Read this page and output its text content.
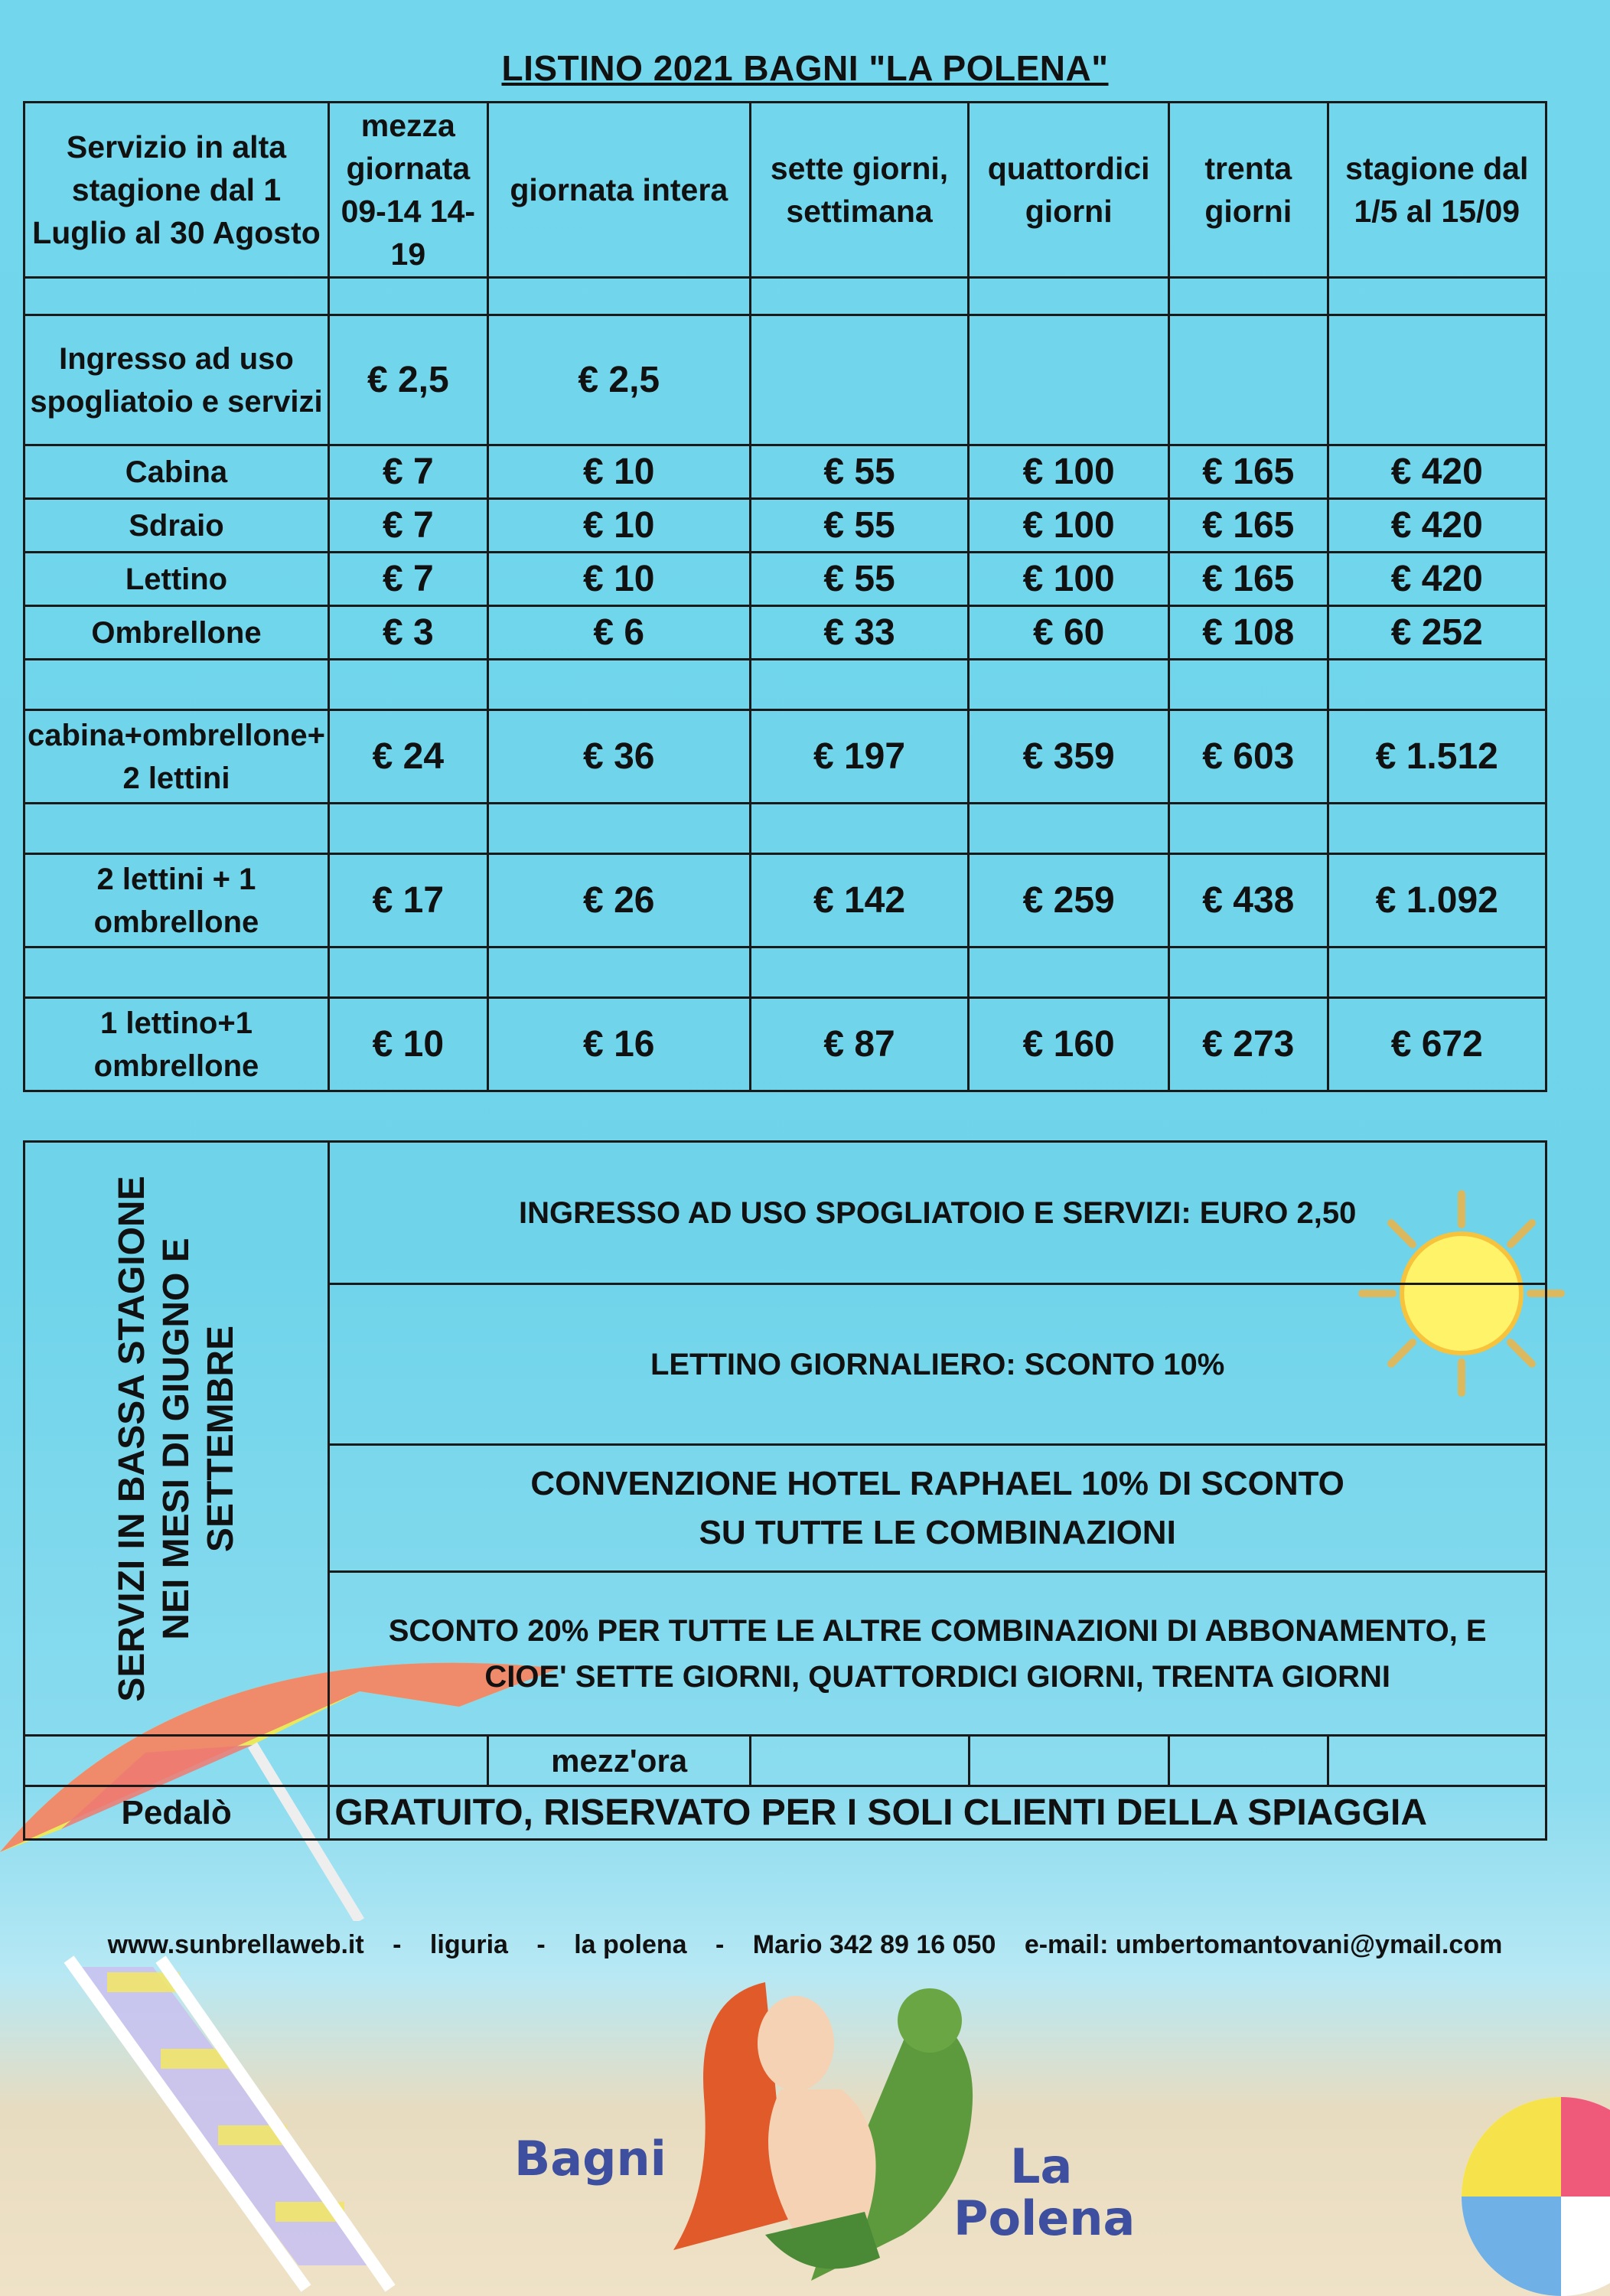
LISTINO 2021 BAGNI "LA POLENA"
Servizio in alta stagione dal 1 Luglio al 30 Agosto	mezza giornata 09-14 14-19	giornata intera	sette giorni, settimana	quattordici giorni	trenta giorni	stagione dal 1/5 al 15/09

Ingresso ad uso spogliatoio e servizi	€ 2,5	€ 2,5				
Cabina	€ 7	€ 10	€ 55	€ 100	€ 165	€ 420
Sdraio	€ 7	€ 10	€ 55	€ 100	€ 165	€ 420
Lettino	€ 7	€ 10	€ 55	€ 100	€ 165	€ 420
Ombrellone	€ 3	€ 6	€ 33	€ 60	€ 108	€ 252

cabina+ombrellone+ 2 lettini	€ 24	€ 36	€ 197	€ 359	€ 603	€ 1.512

2 lettini + 1 ombrellone	€ 17	€ 26	€ 142	€ 259	€ 438	€ 1.092

1 lettino+1 ombrellone	€ 10	€ 16	€ 87	€ 160	€ 273	€ 672
SERVIZI IN BASSA STAGIONE NEI MESI DI GIUGNO E SETTEMBRE	INGRESSO AD USO SPOGLIATOIO E SERVIZI: EURO 2,50					
	LETTINO GIORNALIERO: SCONTO 10%					

	CONVENZIONE HOTEL RAPHAEL 10% DI SCONTO
SU TUTTE LE COMBINAZIONI					

	SCONTO 20% PER TUTTE LE ALTRE COMBINAZIONI DI ABBONAMENTO, E
CIOE' SETTE GIORNI, QUATTORDICI GIORNI, TRENTA GIORNI					

		mezz'ora				
Pedalò	GRATUITO, RISERVATO PER I SOLI CLIENTI DELLA SPIAGGIA					
www.sunbrellaweb.it - liguria - la polena - Mario 342 89 16 050 e-mail: umbertomantovani@ymail.com
Bagni	La
Polena
